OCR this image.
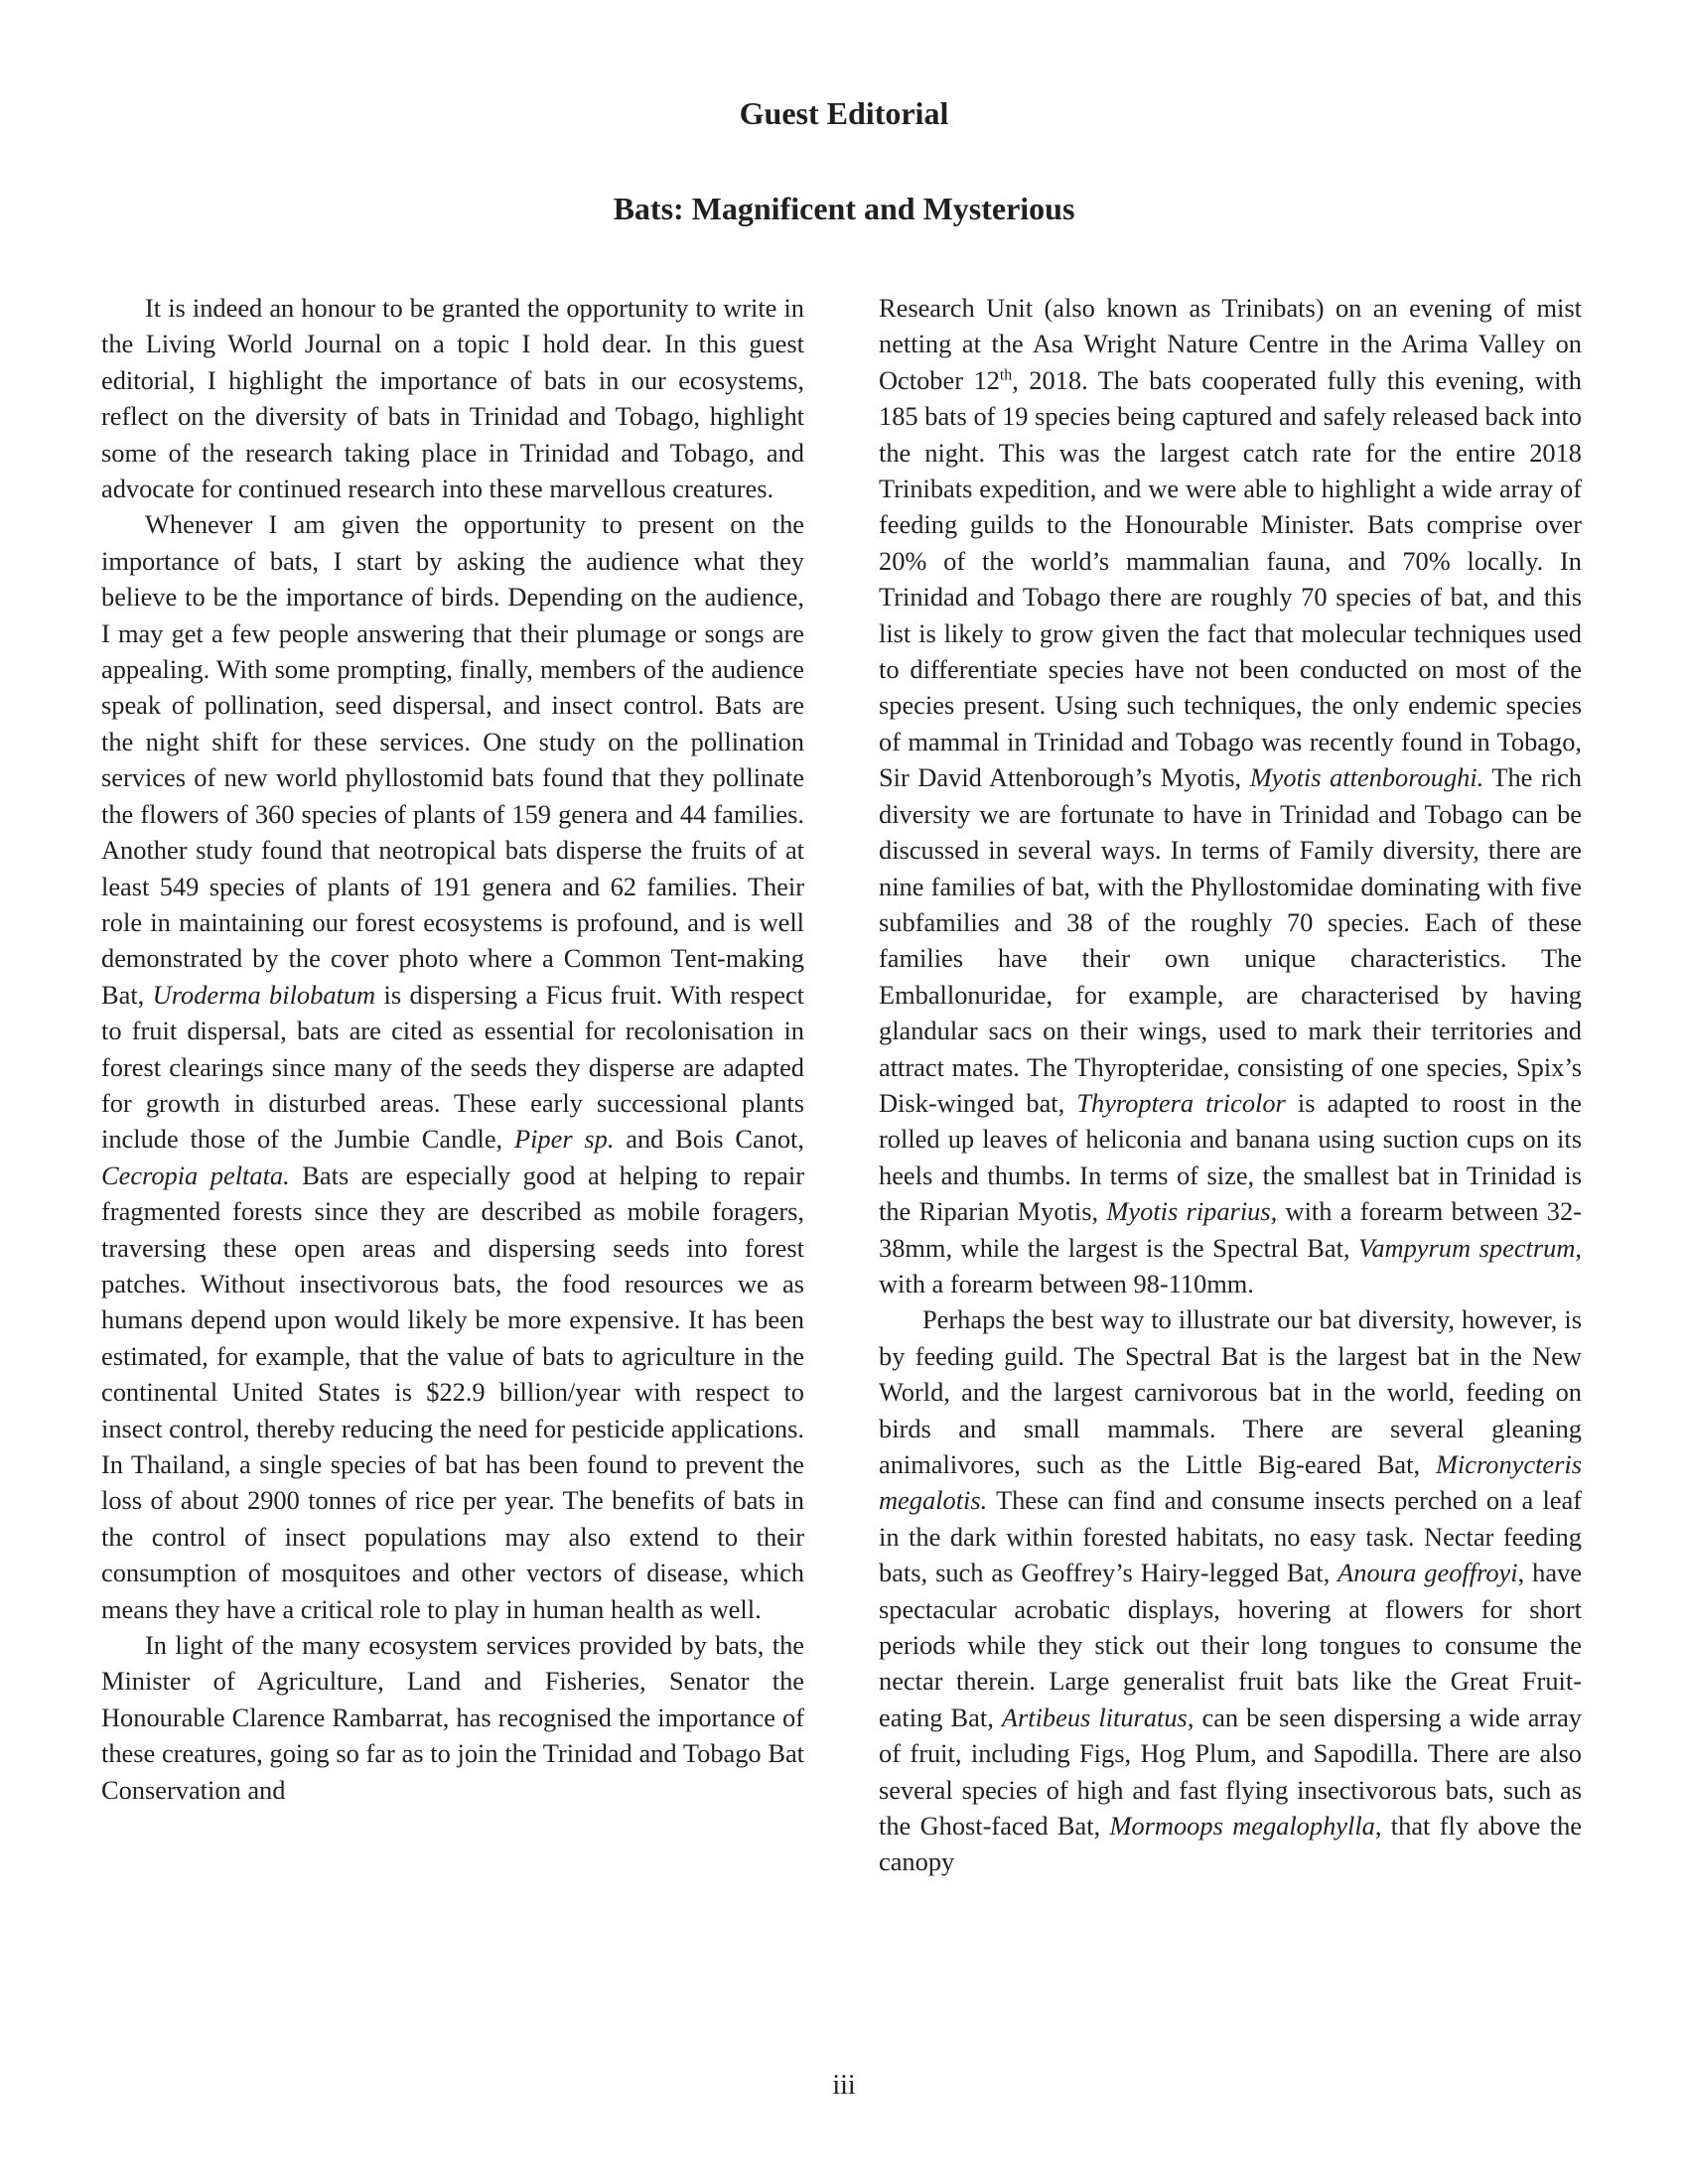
Guest Editorial
Bats: Magnificent and Mysterious

It is indeed an honour to be granted the opportunity to write in the Living World Journal on a topic I hold dear. In this guest editorial, I highlight the importance of bats in our ecosystems, reflect on the diversity of bats in Trinidad and Tobago, highlight some of the research taking place in Trinidad and Tobago, and advocate for continued research into these marvellous creatures.

Whenever I am given the opportunity to present on the importance of bats, I start by asking the audience what they believe to be the importance of birds. Depending on the audience, I may get a few people answering that their plumage or songs are appealing. With some prompting, finally, members of the audience speak of pollination, seed dispersal, and insect control. Bats are the night shift for these services. One study on the pollination services of new world phyllostomid bats found that they pollinate the flowers of 360 species of plants of 159 genera and 44 families. Another study found that neotropical bats disperse the fruits of at least 549 species of plants of 191 genera and 62 families. Their role in maintaining our forest ecosystems is profound, and is well demonstrated by the cover photo where a Common Tent-making Bat, Uroderma bilobatum is dispersing a Ficus fruit. With respect to fruit dispersal, bats are cited as essential for recolonisation in forest clearings since many of the seeds they disperse are adapted for growth in disturbed areas. These early successional plants include those of the Jumbie Candle, Piper sp. and Bois Canot, Cecropia peltata. Bats are especially good at helping to repair fragmented forests since they are described as mobile foragers, traversing these open areas and dispersing seeds into forest patches. Without insectivorous bats, the food resources we as humans depend upon would likely be more expensive. It has been estimated, for example, that the value of bats to agriculture in the continental United States is $22.9 billion/year with respect to insect control, thereby reducing the need for pesticide applications. In Thailand, a single species of bat has been found to prevent the loss of about 2900 tonnes of rice per year. The benefits of bats in the control of insect populations may also extend to their consumption of mosquitoes and other vectors of disease, which means they have a critical role to play in human health as well.

In light of the many ecosystem services provided by bats, the Minister of Agriculture, Land and Fisheries, Senator the Honourable Clarence Rambarrat, has recognised the importance of these creatures, going so far as to join the Trinidad and Tobago Bat Conservation and

Research Unit (also known as Trinibats) on an evening of mist netting at the Asa Wright Nature Centre in the Arima Valley on October 12th, 2018. The bats cooperated fully this evening, with 185 bats of 19 species being captured and safely released back into the night. This was the largest catch rate for the entire 2018 Trinibats expedition, and we were able to highlight a wide array of feeding guilds to the Honourable Minister. Bats comprise over 20% of the world’s mammalian fauna, and 70% locally. In Trinidad and Tobago there are roughly 70 species of bat, and this list is likely to grow given the fact that molecular techniques used to differentiate species have not been conducted on most of the species present. Using such techniques, the only endemic species of mammal in Trinidad and Tobago was recently found in Tobago, Sir David Attenborough’s Myotis, Myotis attenboroughi. The rich diversity we are fortunate to have in Trinidad and Tobago can be discussed in several ways. In terms of Family diversity, there are nine families of bat, with the Phyllostomidae dominating with five subfamilies and 38 of the roughly 70 species. Each of these families have their own unique characteristics. The Emballonuridae, for example, are characterised by having glandular sacs on their wings, used to mark their territories and attract mates. The Thyropteridae, consisting of one species, Spix’s Disk-winged bat, Thyroptera tricolor is adapted to roost in the rolled up leaves of heliconia and banana using suction cups on its heels and thumbs. In terms of size, the smallest bat in Trinidad is the Riparian Myotis, Myotis riparius, with a forearm between 32-38mm, while the largest is the Spectral Bat, Vampyrum spectrum, with a forearm between 98-110mm.

Perhaps the best way to illustrate our bat diversity, however, is by feeding guild. The Spectral Bat is the largest bat in the New World, and the largest carnivorous bat in the world, feeding on birds and small mammals. There are several gleaning animalivores, such as the Little Big-eared Bat, Micronycteris megalotis. These can find and consume insects perched on a leaf in the dark within forested habitats, no easy task. Nectar feeding bats, such as Geoffrey’s Hairy-legged Bat, Anoura geoffroyi, have spectacular acrobatic displays, hovering at flowers for short periods while they stick out their long tongues to consume the nectar therein. Large generalist fruit bats like the Great Fruit-eating Bat, Artibeus lituratus, can be seen dispersing a wide array of fruit, including Figs, Hog Plum, and Sapodilla. There are also several species of high and fast flying insectivorous bats, such as the Ghost-faced Bat, Mormoops megalophylla, that fly above the canopy

iii
